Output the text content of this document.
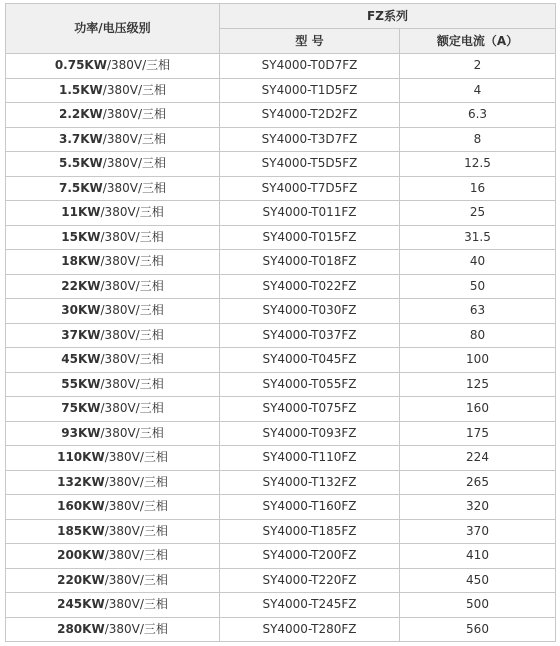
功率/电压级别	FZ系列	
	型 号	额定电流（A）
0.75KW/380V/三相	SY4000-T0D7FZ	2
1.5KW/380V/三相	SY4000-T1D5FZ	4
2.2KW/380V/三相	SY4000-T2D2FZ	6.3
3.7KW/380V/三相	SY4000-T3D7FZ	8
5.5KW/380V/三相	SY4000-T5D5FZ	12.5
7.5KW/380V/三相	SY4000-T7D5FZ	16
11KW/380V/三相	SY4000-T011FZ	25
15KW/380V/三相	SY4000-T015FZ	31.5
18KW/380V/三相	SY4000-T018FZ	40
22KW/380V/三相	SY4000-T022FZ	50
30KW/380V/三相	SY4000-T030FZ	63
37KW/380V/三相	SY4000-T037FZ	80
45KW/380V/三相	SY4000-T045FZ	100
55KW/380V/三相	SY4000-T055FZ	125
75KW/380V/三相	SY4000-T075FZ	160
93KW/380V/三相	SY4000-T093FZ	175
110KW/380V/三相	SY4000-T110FZ	224
132KW/380V/三相	SY4000-T132FZ	265
160KW/380V/三相	SY4000-T160FZ	320
185KW/380V/三相	SY4000-T185FZ	370
200KW/380V/三相	SY4000-T200FZ	410
220KW/380V/三相	SY4000-T220FZ	450
245KW/380V/三相	SY4000-T245FZ	500
280KW/380V/三相	SY4000-T280FZ	560
